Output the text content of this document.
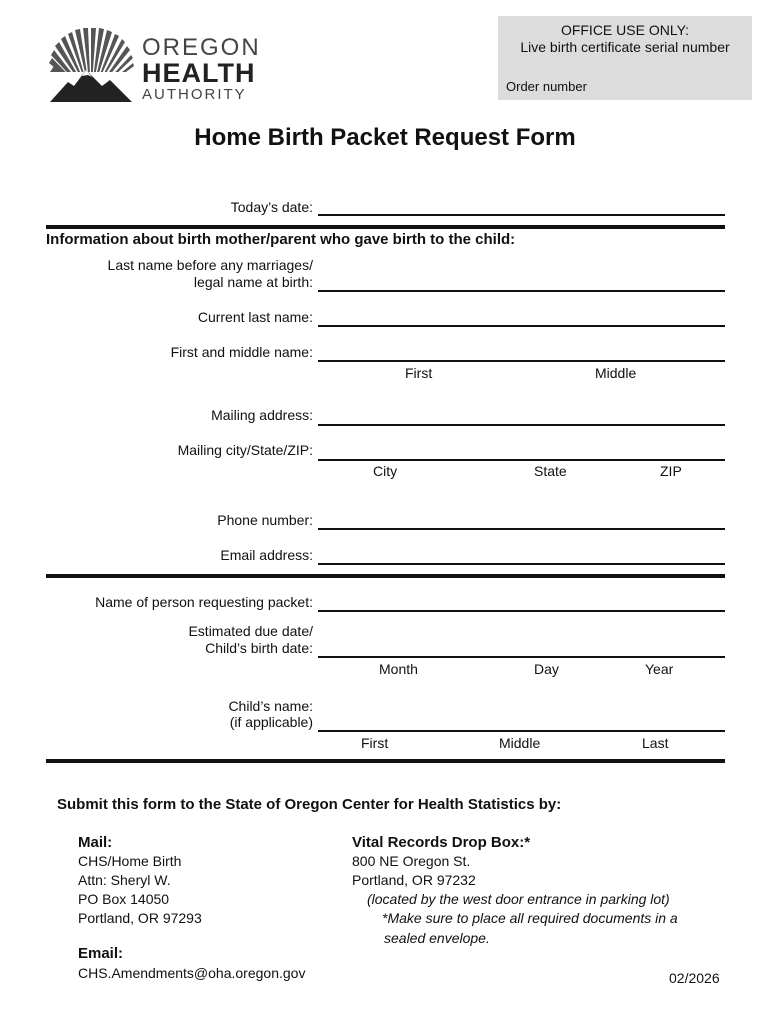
OFFICE USE ONLY:
Live birth certificate serial number
Order number
OREGON
HEALTH
AUTHORITY
Home Birth Packet Request Form
Today’s date:
Information about birth mother/parent who gave birth to the child:
Last name before any marriages/
legal name at birth:
Current last name:
First and middle name:
First	Middle
Mailing address:
Mailing city/State/ZIP:
City	State	ZIP
Phone number:
Email address:
Name of person requesting packet:
Estimated due date/
Child’s birth date:
Month	Day	Year
Child’s name:
(if applicable)
First	Middle	Last
Submit this form to the State of Oregon Center for Health Statistics by:
Mail:
CHS/Home Birth
Attn: Sheryl W.
PO Box 14050
Portland, OR 97293
Email:
CHS.Amendments@oha.oregon.gov
Vital Records Drop Box:*
800 NE Oregon St.
Portland, OR 97232
(located by the west door entrance in parking lot)
*Make sure to place all required documents in a
sealed envelope.
02/2026
